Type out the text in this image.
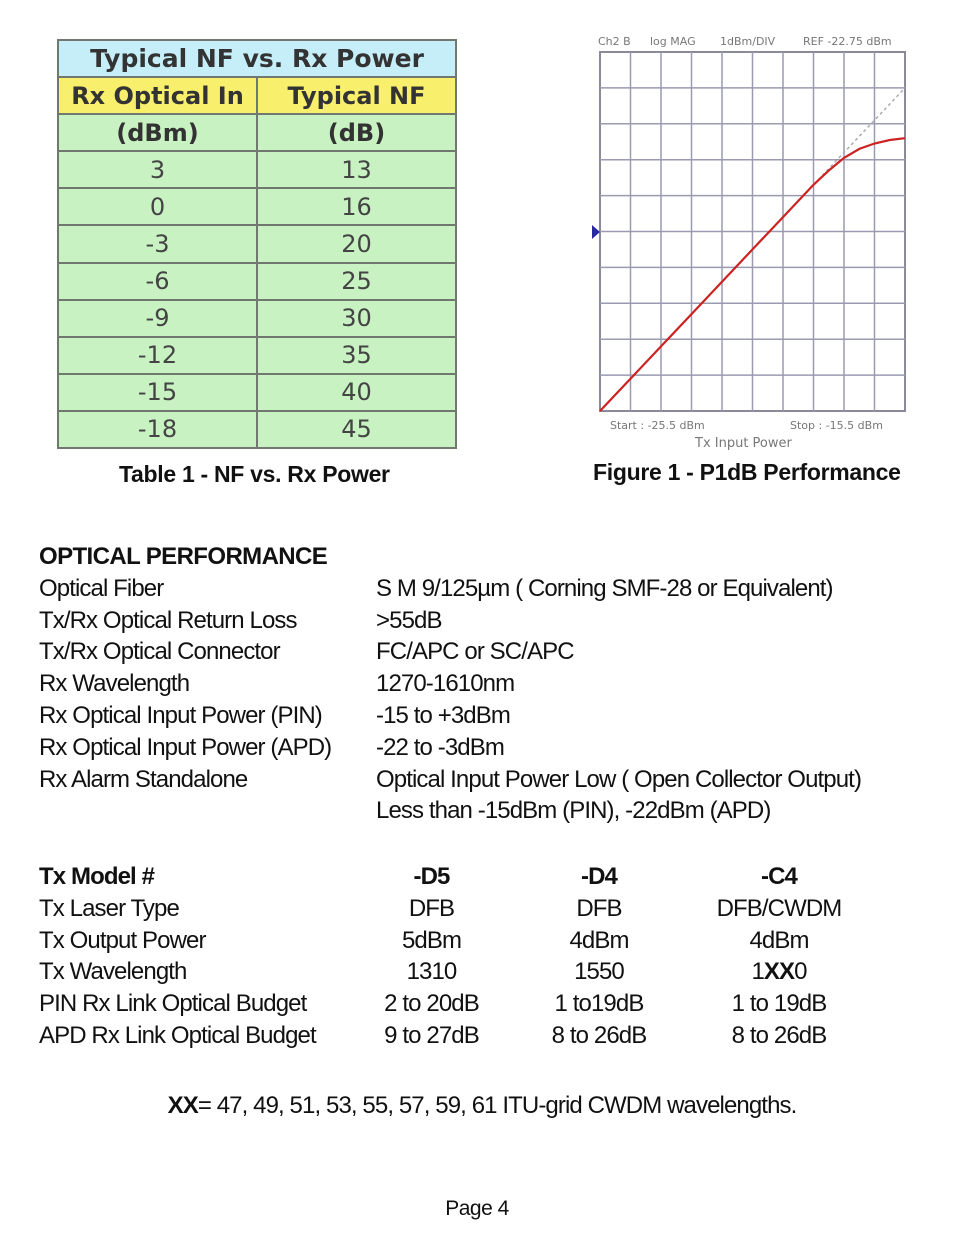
Typical NF vs. Rx Power	
Rx Optical In	Typical NF
(dBm)	(dB)
3	13
0	16
-3	20
-6	25
-9	30
-12	35
-15	40
-18	45
Table 1 - NF vs. Rx Power
Ch2 B log MAG 1dBm/DIV	REF -22.75 dBm
Start : -25.5 dBm	Stop : -15.5 dBm
Tx Input Power
Figure 1 - P1dB Performance
OPTICAL PERFORMANCE
Optical Fiber	S M 9/125µm ( Corning SMF-28 or Equivalent)
Tx/Rx Optical Return Loss	>55dB
Tx/Rx Optical Connector	FC/APC or SC/APC
Rx Wavelength	1270-1610nm
Rx Optical Input Power (PIN)	-15 to +3dBm
Rx Optical Input Power (APD)	-22 to -3dBm
Rx Alarm Standalone	Optical Input Power Low ( Open Collector Output)
Less than -15dBm (PIN), -22dBm (APD)
Tx Model #	-D5	-D4	-C4
Tx Laser Type	DFB	DFB	DFB/CWDM
Tx Output Power	5dBm	4dBm	4dBm
Tx Wavelength	1310	1550	1XX0
PIN Rx Link Optical Budget	2 to 20dB	1 to19dB	1 to 19dB
APD Rx Link Optical Budget	9 to 27dB	8 to 26dB	8 to 26dB
XX= 47, 49, 51, 53, 55, 57, 59, 61 ITU-grid CWDM wavelengths.
Page 4
